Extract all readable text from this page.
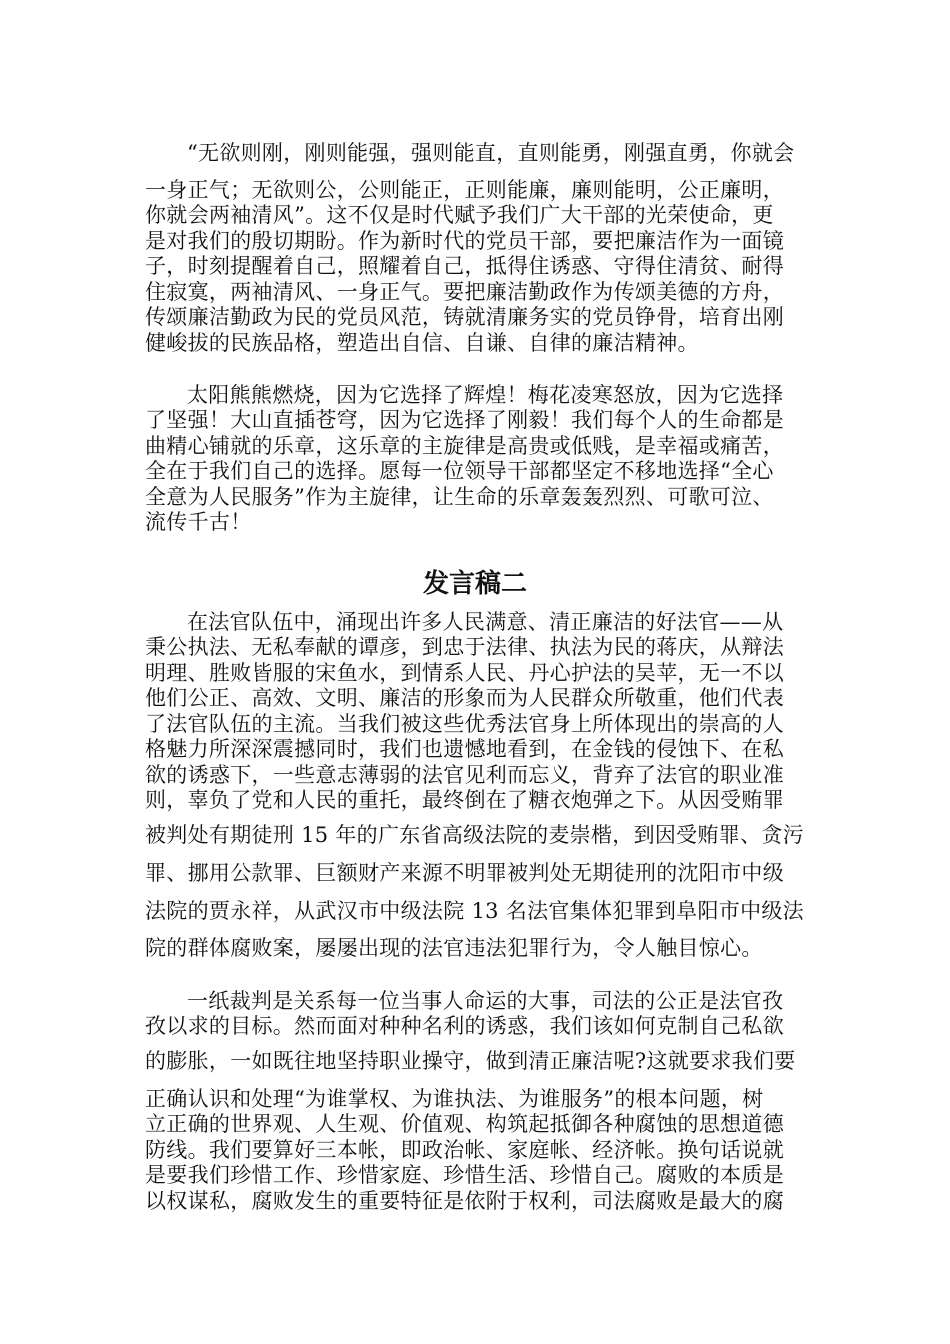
“无欲则刚，刚则能强，强则能直，直则能勇，刚强直勇，你就会
一身正气；无欲则公，公则能正，正则能廉，廉则能明，公正廉明，
你就会两袖清风”。这不仅是时代赋予我们广大干部的光荣使命，更
是对我们的殷切期盼。作为新时代的党员干部，要把廉洁作为一面镜
子，时刻提醒着自己，照耀着自己，抵得住诱惑、守得住清贫、耐得
住寂寞，两袖清风、一身正气。要把廉洁勤政作为传颂美德的方舟，
传颂廉洁勤政为民的党员风范，铸就清廉务实的党员铮骨，培育出刚
健峻拔的民族品格，塑造出自信、自谦、自律的廉洁精神。
太阳熊熊燃烧，因为它选择了辉煌！梅花凌寒怒放，因为它选择
了坚强！大山直插苍穹，因为它选择了刚毅！我们每个人的生命都是
曲精心铺就的乐章，这乐章的主旋律是高贵或低贱，是幸福或痛苦，
全在于我们自己的选择。愿每一位领导干部都坚定不移地选择“全心
全意为人民服务”作为主旋律，让生命的乐章轰轰烈烈、可歌可泣、
流传千古！
发言稿二
在法官队伍中，涌现出许多人民满意、清正廉洁的好法官——从
秉公执法、无私奉献的谭彦，到忠于法律、执法为民的蒋庆，从辩法
明理、胜败皆服的宋鱼水，到情系人民、丹心护法的吴苹，无一不以
他们公正、高效、文明、廉洁的形象而为人民群众所敬重，他们代表
了法官队伍的主流。当我们被这些优秀法官身上所体现出的崇高的人
格魅力所深深震撼同时，我们也遗憾地看到，在金钱的侵蚀下、在私
欲的诱惑下，一些意志薄弱的法官见利而忘义，背弃了法官的职业准
则，辜负了党和人民的重托，最终倒在了糖衣炮弹之下。从因受贿罪
被判处有期徒刑 15 年的广东省高级法院的麦崇楷，到因受贿罪、贪污
罪、挪用公款罪、巨额财产来源不明罪被判处无期徒刑的沈阳市中级
法院的贾永祥，从武汉市中级法院 13 名法官集体犯罪到阜阳市中级法
院的群体腐败案，屡屡出现的法官违法犯罪行为，令人触目惊心。
一纸裁判是关系每一位当事人命运的大事，司法的公正是法官孜
孜以求的目标。然而面对种种名利的诱惑，我们该如何克制自己私欲
的膨胀，一如既往地坚持职业操守，做到清正廉洁呢?这就要求我们要
正确认识和处理“为谁掌权、为谁执法、为谁服务”的根本问题，树
立正确的世界观、人生观、价值观、构筑起抵御各种腐蚀的思想道德
防线。我们要算好三本帐，即政治帐、家庭帐、经济帐。换句话说就
是要我们珍惜工作、珍惜家庭、珍惜生活、珍惜自己。腐败的本质是
以权谋私，腐败发生的重要特征是依附于权利，司法腐败是最大的腐
